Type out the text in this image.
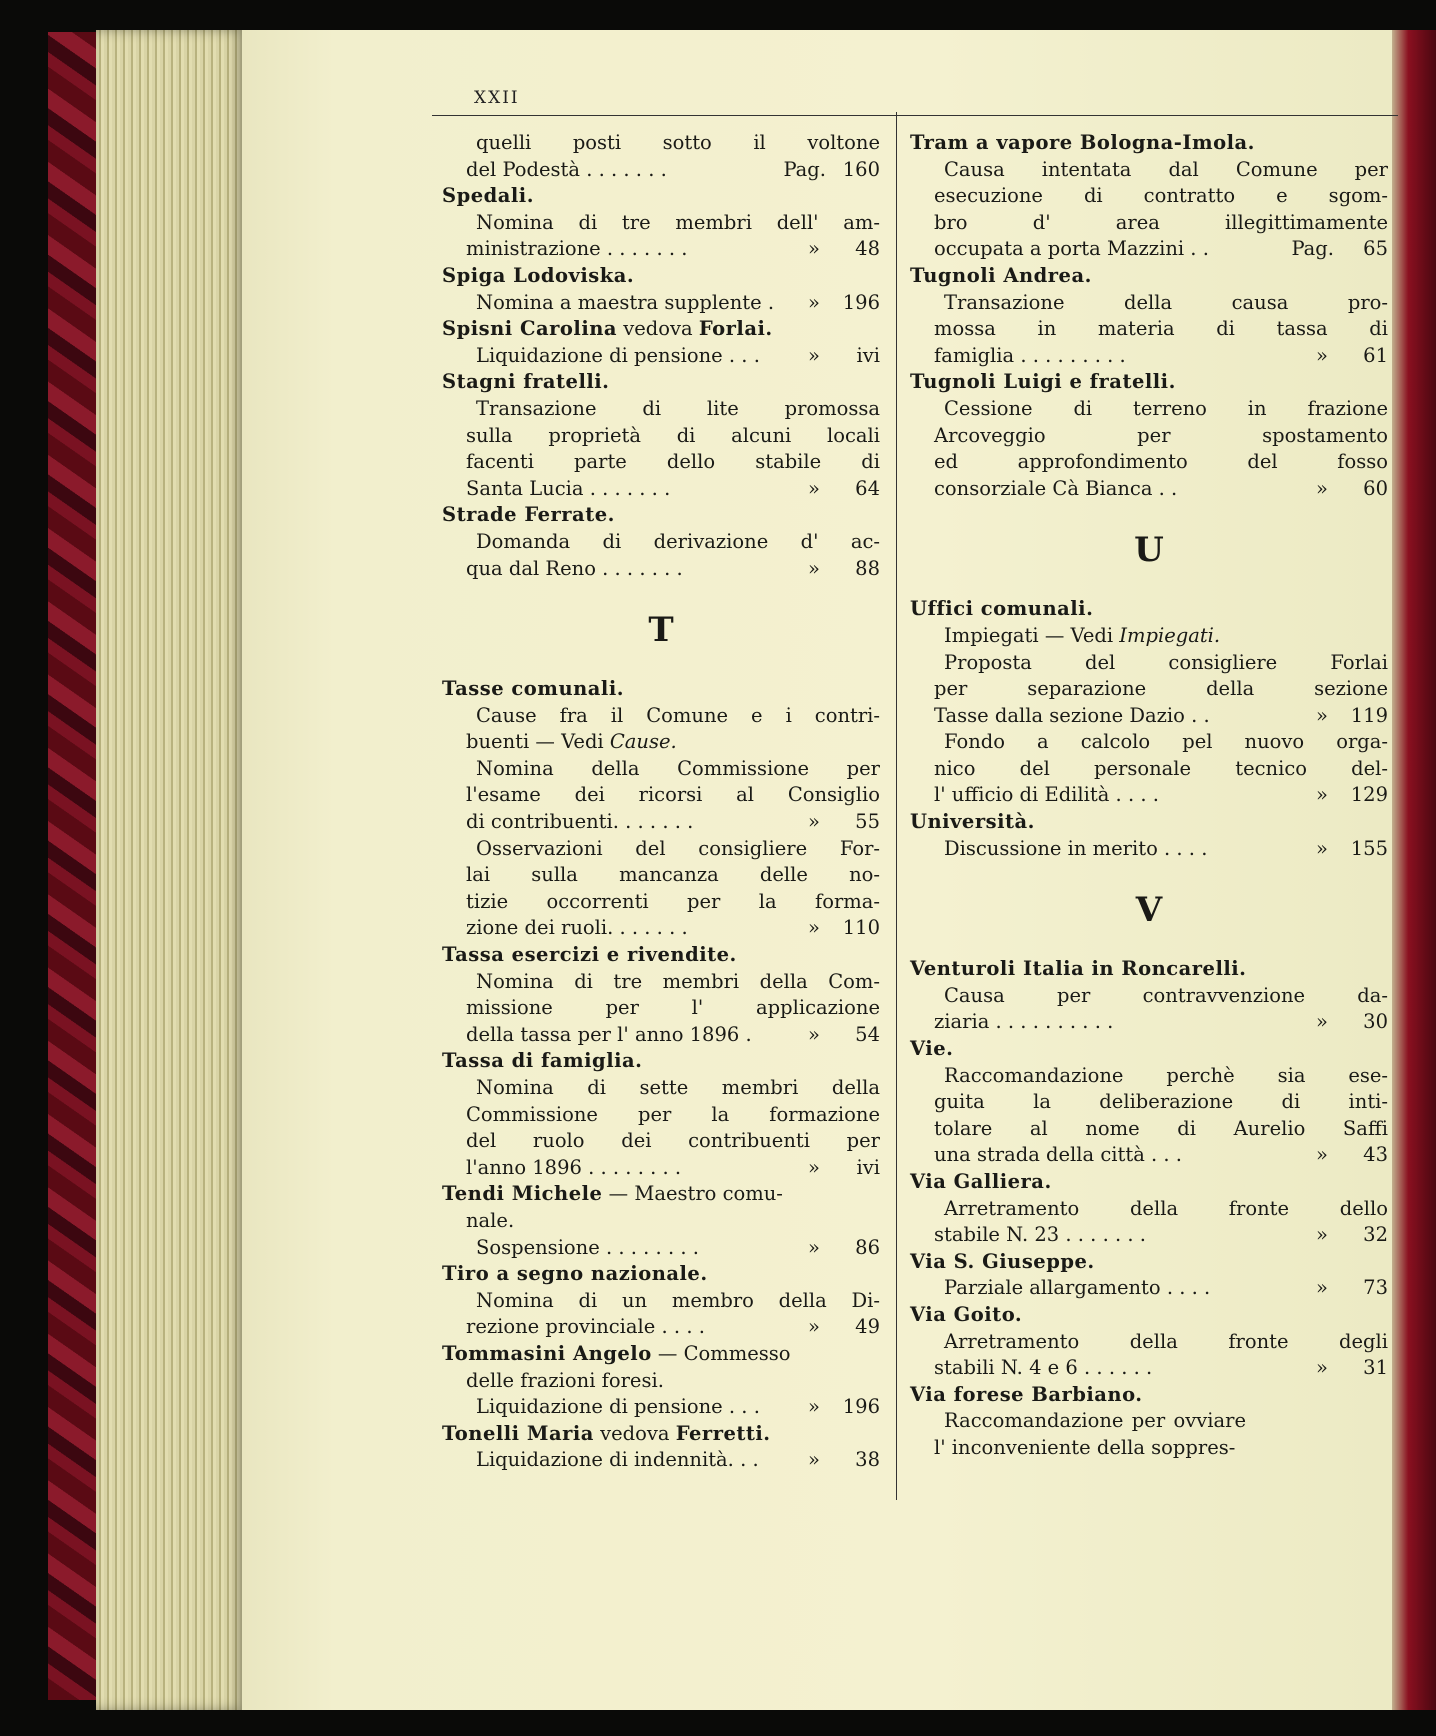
XXII
quelli posti sotto il voltone
del Podestà . . . . . . .	Pag. 160
Spedali.
Nomina di tre membri dell' am-
ministrazione . . . . . . .	»	48
Spiga Lodoviska.
Nomina a maestra supplente .	»	196
Spisni Carolina vedova Forlai.
Liquidazione di pensione . . .	»	ivi
Stagni fratelli.
Transazione di lite promossa
sulla proprietà di alcuni locali
facenti parte dello stabile di
Santa Lucia . . . . . . .	»	64
Strade Ferrate.
Domanda di derivazione d' ac-
qua dal Reno . . . . . . .	»	88
T
Tasse comunali.
Cause fra il Comune e i contri-
buenti — Vedi Cause.
Nomina della Commissione per
l'esame dei ricorsi al Consiglio
di contribuenti. . . . . . .	»	55
Osservazioni del consigliere For-
lai sulla mancanza delle no-
tizie occorrenti per la forma-
zione dei ruoli. . . . . . .	»	110
Tassa esercizi e rivendite.
Nomina di tre membri della Com-
missione per l' applicazione
della tassa per l' anno 1896 .	»	54
Tassa di famiglia.
Nomina di sette membri della
Commissione per la formazione
del ruolo dei contribuenti per
l'anno 1896 . . . . . . . .	»	ivi
Tendi Michele — Maestro comu-
nale.
Sospensione . . . . . . . .	»	86
Tiro a segno nazionale.
Nomina di un membro della Di-
rezione provinciale . . . .	»	49
Tommasini Angelo — Commesso
delle frazioni foresi.
Liquidazione di pensione . . .	»	196
Tonelli Maria vedova Ferretti.
Liquidazione di indennità. . .	»	38
Tram a vapore Bologna-Imola.
Causa intentata dal Comune per
esecuzione di contratto e sgom-
bro d' area illegittimamente
occupata a porta Mazzini . .	Pag.	65
Tugnoli Andrea.
Transazione della causa pro-
mossa in materia di tassa di
famiglia . . . . . . . . .	»	61
Tugnoli Luigi e fratelli.
Cessione di terreno in frazione
Arcoveggio per spostamento
ed approfondimento del fosso
consorziale Cà Bianca . .	»	60
U
Uffici comunali.
Impiegati — Vedi Impiegati.
Proposta del consigliere Forlai
per separazione della sezione
Tasse dalla sezione Dazio . .	»	119
Fondo a calcolo pel nuovo orga-
nico del personale tecnico del-
l' ufficio di Edilità . . . .	»	129
Università.
Discussione in merito . . . .	»	155
V
Venturoli Italia in Roncarelli.
Causa per contravvenzione da-
ziaria . . . . . . . . . .	»	30
Vie.
Raccomandazione perchè sia ese-
guita la deliberazione di inti-
tolare al nome di Aurelio Saffi
una strada della città . . .	»	43
Via Galliera.
Arretramento della fronte dello
stabile N. 23 . . . . . . .	»	32
Via S. Giuseppe.
Parziale allargamento . . . .	»	73
Via Goito.
Arretramento della fronte degli
stabili N. 4 e 6 . . . . . .	»	31
Via forese Barbiano.
Raccomandazione per ovviare
l' inconveniente della soppres-
